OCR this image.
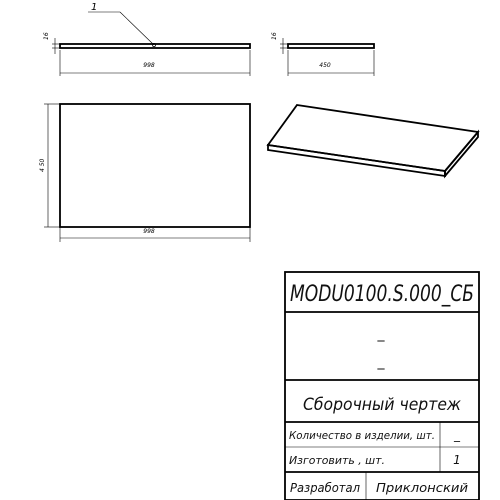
1
16
998
16
450
4 50
998
MODU0100.S.000_СБ
_
_
Сборочный чертеж
Количество в изделии, шт. _
Изготовить , шт.	1
Разработал Приклонский
